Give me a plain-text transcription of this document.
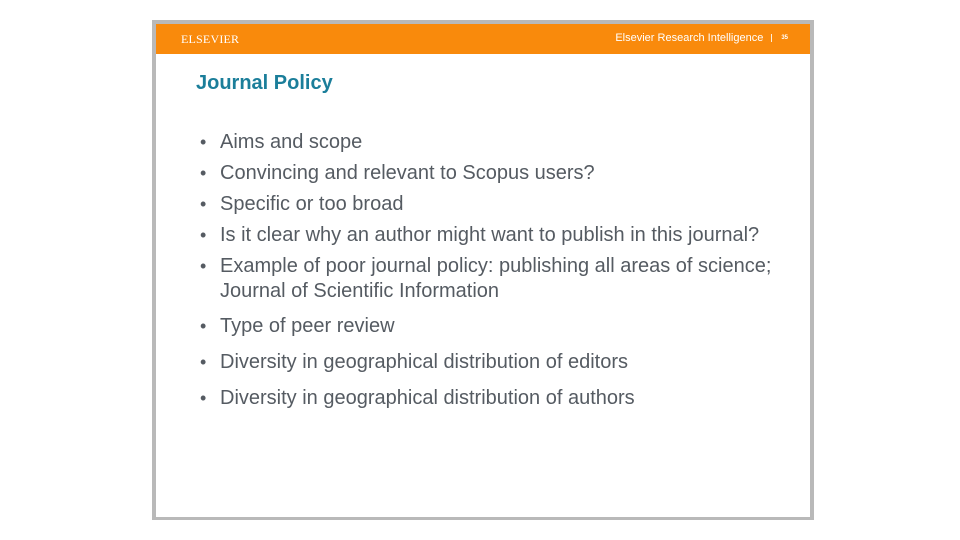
ELSEVIER	Elsevier Research Intelligence	35
Journal Policy
• Aims and scope
• Convincing and relevant to Scopus users?
• Specific or too broad
• Is it clear why an author might want to publish in this journal?
• Example of poor journal policy: publishing all areas of science; Journal of Scientific Information
• Type of peer review
• Diversity in geographical distribution of editors
• Diversity in geographical distribution of authors
